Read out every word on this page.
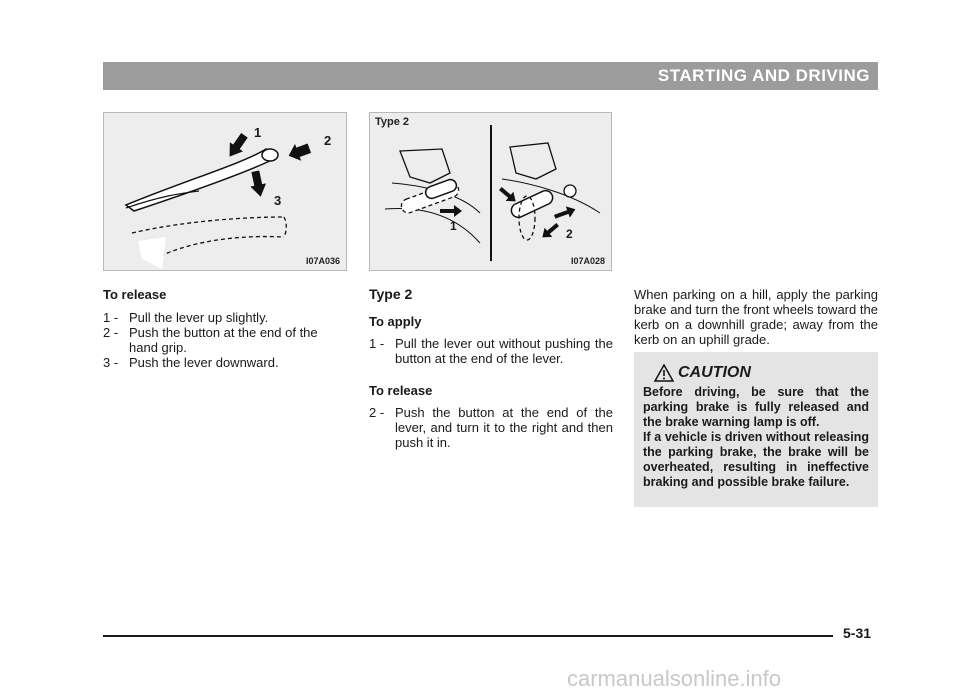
STARTING AND DRIVING
1
2
3
I07A036
Type 2
1
2
I07A028
To release
1 - Pull the lever up slightly.
2 - Push the button at the end of the hand grip.
3 - Push the lever downward.
Type 2
To apply
1 - Pull the lever out without pushing the button at the end of the lever.
To release
2 - Push the button at the end of the lever, and turn it to the right and then push it in.
When parking on a hill, apply the parking brake and turn the front wheels toward the kerb on a downhill grade; away from the kerb on an uphill grade.
CAUTION
Before driving, be sure that the parking brake is fully released and the brake warning lamp is off.
If a vehicle is driven without releasing the parking brake, the brake will be overheated, resulting in ineffective braking and possible brake failure.
5-31
carmanualsonline.info
